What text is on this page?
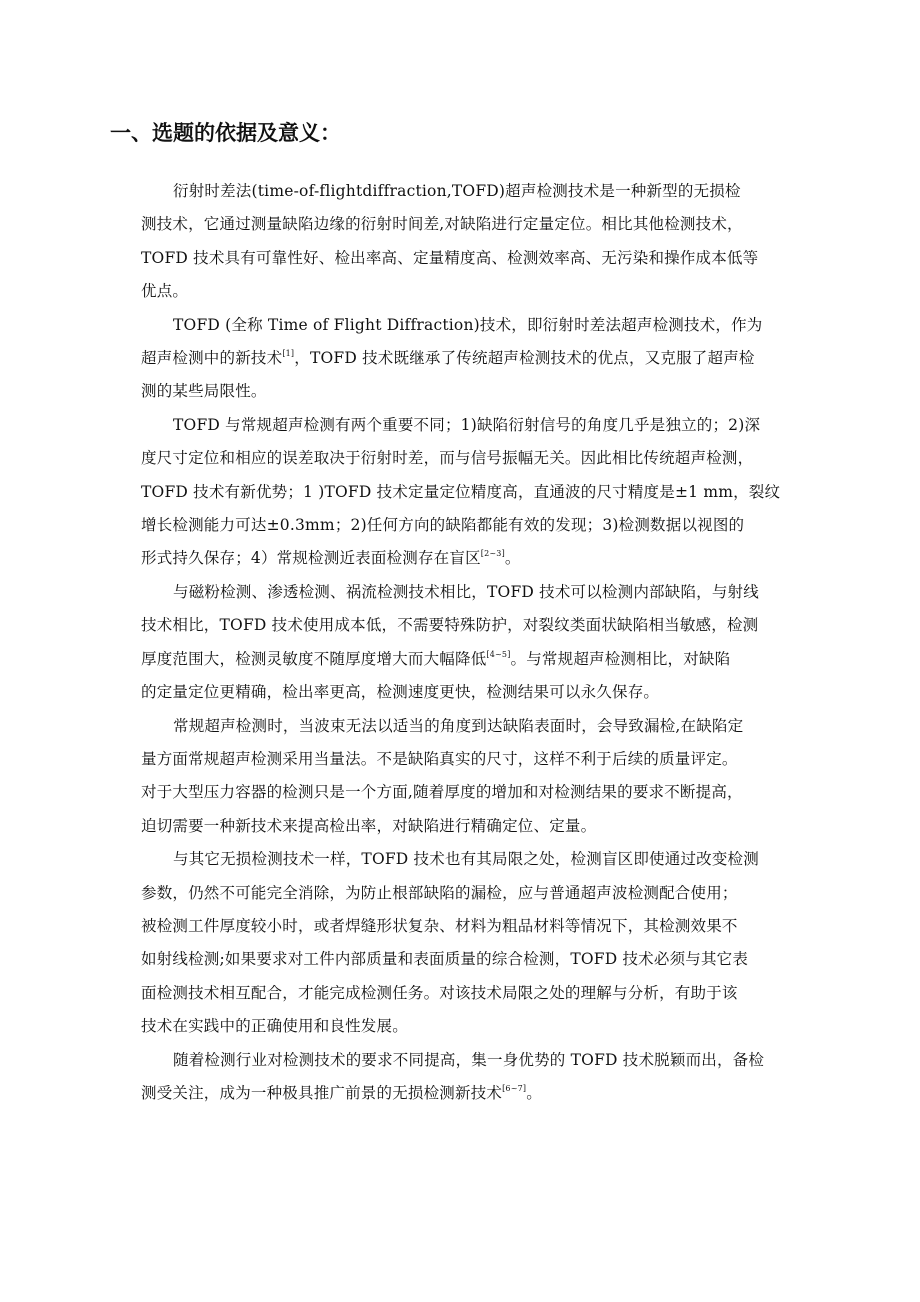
一、选题的依据及意义：

衍射时差法(time-of-flightdiffraction,TOFD)超声检测技术是一种新型的无损检
测技术，它通过测量缺陷边缘的衍射时间差,对缺陷进行定量定位。相比其他检测技术，
TOFD 技术具有可靠性好、检出率高、定量精度高、检测效率高、无污染和操作成本低等
优点。

TOFD (全称 Time of Flight Diffraction)技术，即衍射时差法超声检测技术，作为
超声检测中的新技术[1]，TOFD 技术既继承了传统超声检测技术的优点，又克服了超声检
测的某些局限性。

TOFD 与常规超声检测有两个重要不同；1)缺陷衍射信号的角度几乎是独立的；2)深
度尺寸定位和相应的误差取决于衍射时差，而与信号振幅无关。因此相比传统超声检测，
TOFD 技术有新优势；1 )TOFD 技术定量定位精度高，直通波的尺寸精度是±1 mm，裂纹
增长检测能力可达±0.3mm；2)任何方向的缺陷都能有效的发现；3)检测数据以视图的
形式持久保存；4）常规检测近表面检测存在盲区[2~3]。

与磁粉检测、渗透检测、祸流检测技术相比，TOFD 技术可以检测内部缺陷，与射线
技术相比，TOFD 技术使用成本低，不需要特殊防护，对裂纹类面状缺陷相当敏感，检测
厚度范围大，检测灵敏度不随厚度增大而大幅降低[4~5]。与常规超声检测相比，对缺陷
的定量定位更精确，检出率更高，检测速度更快，检测结果可以永久保存。

常规超声检测时，当波束无法以适当的角度到达缺陷表面时，会导致漏检,在缺陷定
量方面常规超声检测采用当量法。不是缺陷真实的尺寸，这样不利于后续的质量评定。
对于大型压力容器的检测只是一个方面,随着厚度的增加和对检测结果的要求不断提高，
迫切需要一种新技术来提高检出率，对缺陷进行精确定位、定量。

与其它无损检测技术一样，TOFD 技术也有其局限之处，检测盲区即使通过改变检测
参数，仍然不可能完全消除，为防止根部缺陷的漏检，应与普通超声波检测配合使用；
被检测工件厚度较小时，或者焊缝形状复杂、材料为粗品材料等情况下，其检测效果不
如射线检测;如果要求对工件内部质量和表面质量的综合检测，TOFD 技术必须与其它表
面检测技术相互配合，才能完成检测任务。对该技术局限之处的理解与分析，有助于该
技术在实践中的正确使用和良性发展。

随着检测行业对检测技术的要求不同提高，集一身优势的 TOFD 技术脱颖而出，备检
测受关注，成为一种极具推广前景的无损检测新技术[6~7]。
